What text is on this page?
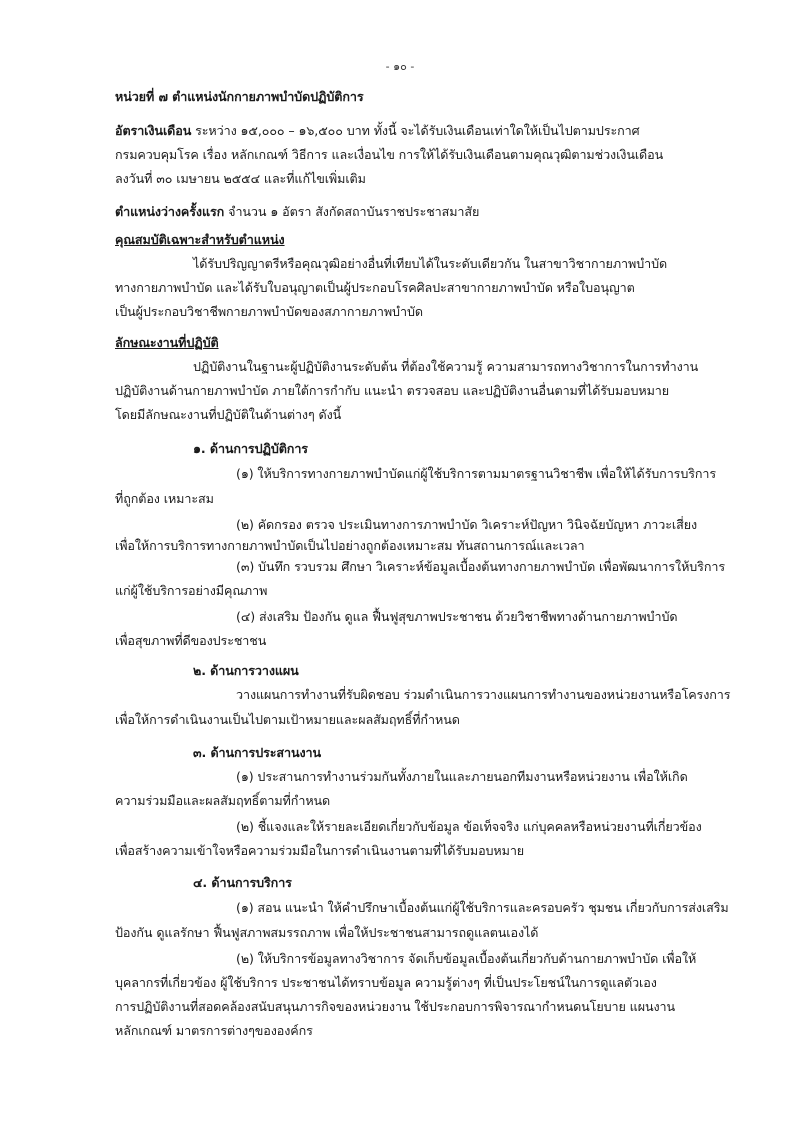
- ๑๐ -
หน่วยที่ ๗ ตำแหน่งนักกายภาพบำบัดปฏิบัติการ
อัตราเงินเดือน ระหว่าง ๑๕,๐๐๐ – ๑๖,๕๐๐ บาท ทั้งนี้ จะได้รับเงินเดือนเท่าใดให้เป็นไปตามประกาศ
กรมควบคุมโรค เรื่อง หลักเกณฑ์ วิธีการ และเงื่อนไข การให้ได้รับเงินเดือนตามคุณวุฒิตามช่วงเงินเดือน
ลงวันที่ ๓๐ เมษายน ๒๕๕๔ และที่แก้ไขเพิ่มเติม
ตำแหน่งว่างครั้งแรก จำนวน ๑ อัตรา สังกัดสถาบันราชประชาสมาสัย
คุณสมบัติเฉพาะสำหรับตำแหน่ง
ได้รับปริญญาตรีหรือคุณวุฒิอย่างอื่นที่เทียบได้ในระดับเดียวกัน ในสาขาวิชากายภาพบำบัด
ทางกายภาพบำบัด และได้รับใบอนุญาตเป็นผู้ประกอบโรคศิลปะสาขากายภาพบำบัด หรือใบอนุญาต
เป็นผู้ประกอบวิชาชีพกายภาพบำบัดของสภากายภาพบำบัด
ลักษณะงานที่ปฏิบัติ
ปฏิบัติงานในฐานะผู้ปฏิบัติงานระดับต้น ที่ต้องใช้ความรู้ ความสามารถทางวิชาการในการทำงาน
ปฏิบัติงานด้านกายภาพบำบัด ภายใต้การกำกับ แนะนำ ตรวจสอบ และปฏิบัติงานอื่นตามที่ได้รับมอบหมาย
โดยมีลักษณะงานที่ปฏิบัติในด้านต่างๆ ดังนี้
๑. ด้านการปฏิบัติการ
(๑) ให้บริการทางกายภาพบำบัดแก่ผู้ใช้บริการตามมาตรฐานวิชาชีพ เพื่อให้ได้รับการบริการ
ที่ถูกต้อง เหมาะสม
(๒) คัดกรอง ตรวจ ประเมินทางการภาพบำบัด วิเคราะห์ปัญหา วินิจฉัยบัญหา ภาวะเสี่ยง
เพื่อให้การบริการทางกายภาพบำบัดเป็นไปอย่างถูกต้องเหมาะสม ทันสถานการณ์และเวลา
(๓) บันทึก รวบรวม ศึกษา วิเคราะห์ข้อมูลเบื้องต้นทางกายภาพบำบัด เพื่อพัฒนาการให้บริการ
แก่ผู้ใช้บริการอย่างมีคุณภาพ
(๔) ส่งเสริม ป้องกัน ดูแล ฟื้นฟูสุขภาพประชาชน ด้วยวิชาชีพทางด้านกายภาพบำบัด
เพื่อสุขภาพที่ดีของประชาชน
๒. ด้านการวางแผน
วางแผนการทำงานที่รับผิดชอบ ร่วมดำเนินการวางแผนการทำงานของหน่วยงานหรือโครงการ
เพื่อให้การดำเนินงานเป็นไปตามเป้าหมายและผลสัมฤทธิ์ที่กำหนด
๓. ด้านการประสานงาน
(๑) ประสานการทำงานร่วมกันทั้งภายในและภายนอกทีมงานหรือหน่วยงาน เพื่อให้เกิด
ความร่วมมือและผลสัมฤทธิ์ตามที่กำหนด
(๒) ชี้แจงและให้รายละเอียดเกี่ยวกับข้อมูล ข้อเท็จจริง แก่บุคคลหรือหน่วยงานที่เกี่ยวข้อง
เพื่อสร้างความเข้าใจหรือความร่วมมือในการดำเนินงานตามที่ได้รับมอบหมาย
๔. ด้านการบริการ
(๑) สอน แนะนำ ให้คำปรึกษาเบื้องต้นแก่ผู้ใช้บริการและครอบครัว ชุมชน เกี่ยวกับการส่งเสริม
ป้องกัน ดูแลรักษา ฟื้นฟูสภาพสมรรถภาพ เพื่อให้ประชาชนสามารถดูแลตนเองได้
(๒) ให้บริการข้อมูลทางวิชาการ จัดเก็บข้อมูลเบื้องต้นเกี่ยวกับด้านกายภาพบำบัด เพื่อให้
บุคลากรที่เกี่ยวข้อง ผู้ใช้บริการ ประชาชนได้ทราบข้อมูล ความรู้ต่างๆ ที่เป็นประโยชน์ในการดูแลตัวเอง
การปฏิบัติงานที่สอดคล้องสนับสนุนภารกิจของหน่วยงาน ใช้ประกอบการพิจารณากำหนดนโยบาย แผนงาน
หลักเกณฑ์ มาตรการต่างๆขององค์กร
